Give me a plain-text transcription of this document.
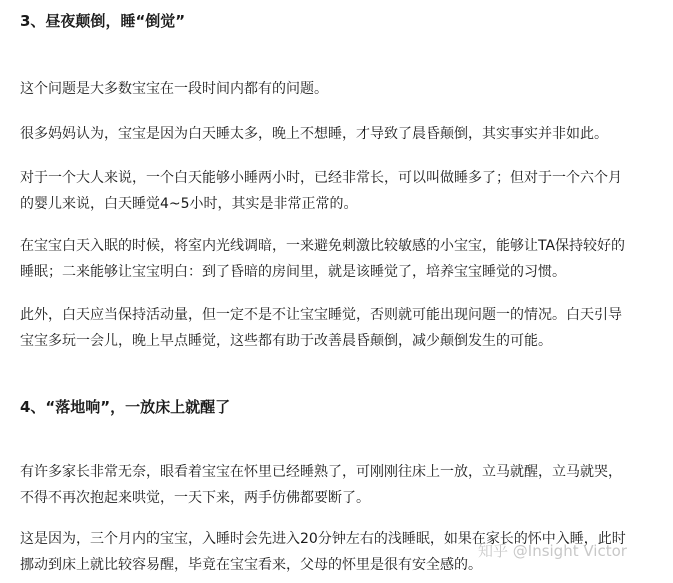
3、昼夜颠倒，睡“倒觉”
这个问题是大多数宝宝在一段时间内都有的问题。
很多妈妈认为，宝宝是因为白天睡太多，晚上不想睡，才导致了晨昏颠倒，其实事实并非如此。
对于一个大人来说，一个白天能够小睡两小时，已经非常长，可以叫做睡多了；但对于一个六个月
的婴儿来说，白天睡觉4~5小时，其实是非常正常的。
在宝宝白天入眠的时候，将室内光线调暗，一来避免刺激比较敏感的小宝宝，能够让TA保持较好的
睡眠；二来能够让宝宝明白：到了昏暗的房间里，就是该睡觉了，培养宝宝睡觉的习惯。
此外，白天应当保持活动量，但一定不是不让宝宝睡觉，否则就可能出现问题一的情况。白天引导
宝宝多玩一会儿，晚上早点睡觉，这些都有助于改善晨昏颠倒，减少颠倒发生的可能。
4、“落地响”，一放床上就醒了
有许多家长非常无奈，眼看着宝宝在怀里已经睡熟了，可刚刚往床上一放，立马就醒，立马就哭，
不得不再次抱起来哄觉，一天下来，两手仿佛都要断了。
这是因为，三个月内的宝宝，入睡时会先进入20分钟左右的浅睡眠，如果在家长的怀中入睡，此时
挪动到床上就比较容易醒，毕竟在宝宝看来，父母的怀里是很有安全感的。
知乎 @Insight Victor
